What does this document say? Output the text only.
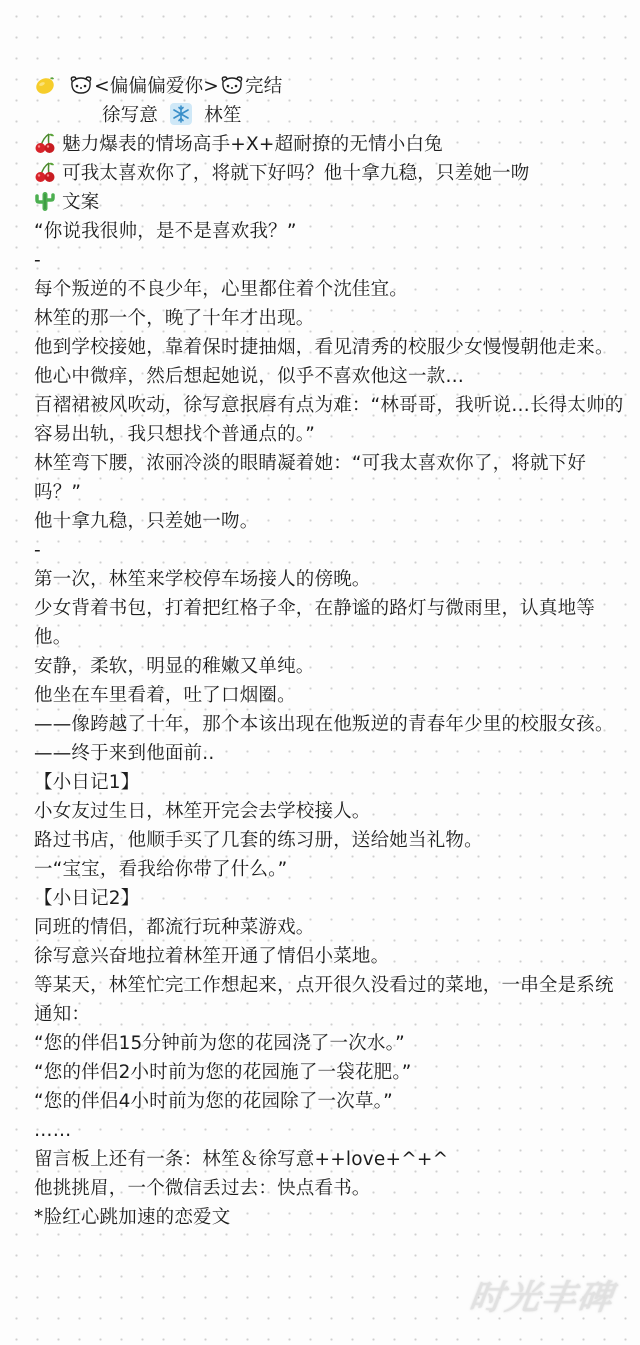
<偏偏偏爱你> 完结
徐写意 林笙
魅力爆表的情场高手+X+超耐撩的无情小白兔
可我太喜欢你了，将就下好吗？他十拿九稳，只差她一吻
文案
“你说我很帅，是不是喜欢我？”
-
每个叛逆的不良少年，心里都住着个沈佳宜。
林笙的那一个，晚了十年才出现。
他到学校接她，靠着保时捷抽烟，看见清秀的校服少女慢慢朝他走来。
他心中微痒，然后想起她说，似乎不喜欢他这一款…
百褶裙被风吹动，徐写意抿唇有点为难：“林哥哥，我听说…长得太帅的容易出轨，我只想找个普通点的。”
林笙弯下腰，浓丽冷淡的眼睛凝着她：“可我太喜欢你了，将就下好吗？”
他十拿九稳，只差她一吻。
-
第一次，林笙来学校停车场接人的傍晚。
少女背着书包，打着把红格子伞，在静谧的路灯与微雨里，认真地等他。
安静，柔软，明显的稚嫩又单纯。
他坐在车里看着，吐了口烟圈。
——像跨越了十年，那个本该出现在他叛逆的青春年少里的校服女孩。
——终于来到他面前..
【小日记1】
小女友过生日，林笙开完会去学校接人。
路过书店，他顺手买了几套的练习册，送给她当礼物。
一“宝宝，看我给你带了什么。”
【小日记2】
同班的情侣，都流行玩种菜游戏。
徐写意兴奋地拉着林笙开通了情侣小菜地。
等某天，林笙忙完工作想起来，点开很久没看过的菜地，一串全是系统通知：
“您的伴侣15分钟前为您的花园浇了一次水。”
“您的伴侣2小时前为您的花园施了一袋花肥。”
“您的伴侣4小时前为您的花园除了一次草。”
……
留言板上还有一条：林笙＆徐写意++love+^+^
他挑挑眉，一个微信丢过去：快点看书。
*脸红心跳加速的恋爱文
时光丰碑
